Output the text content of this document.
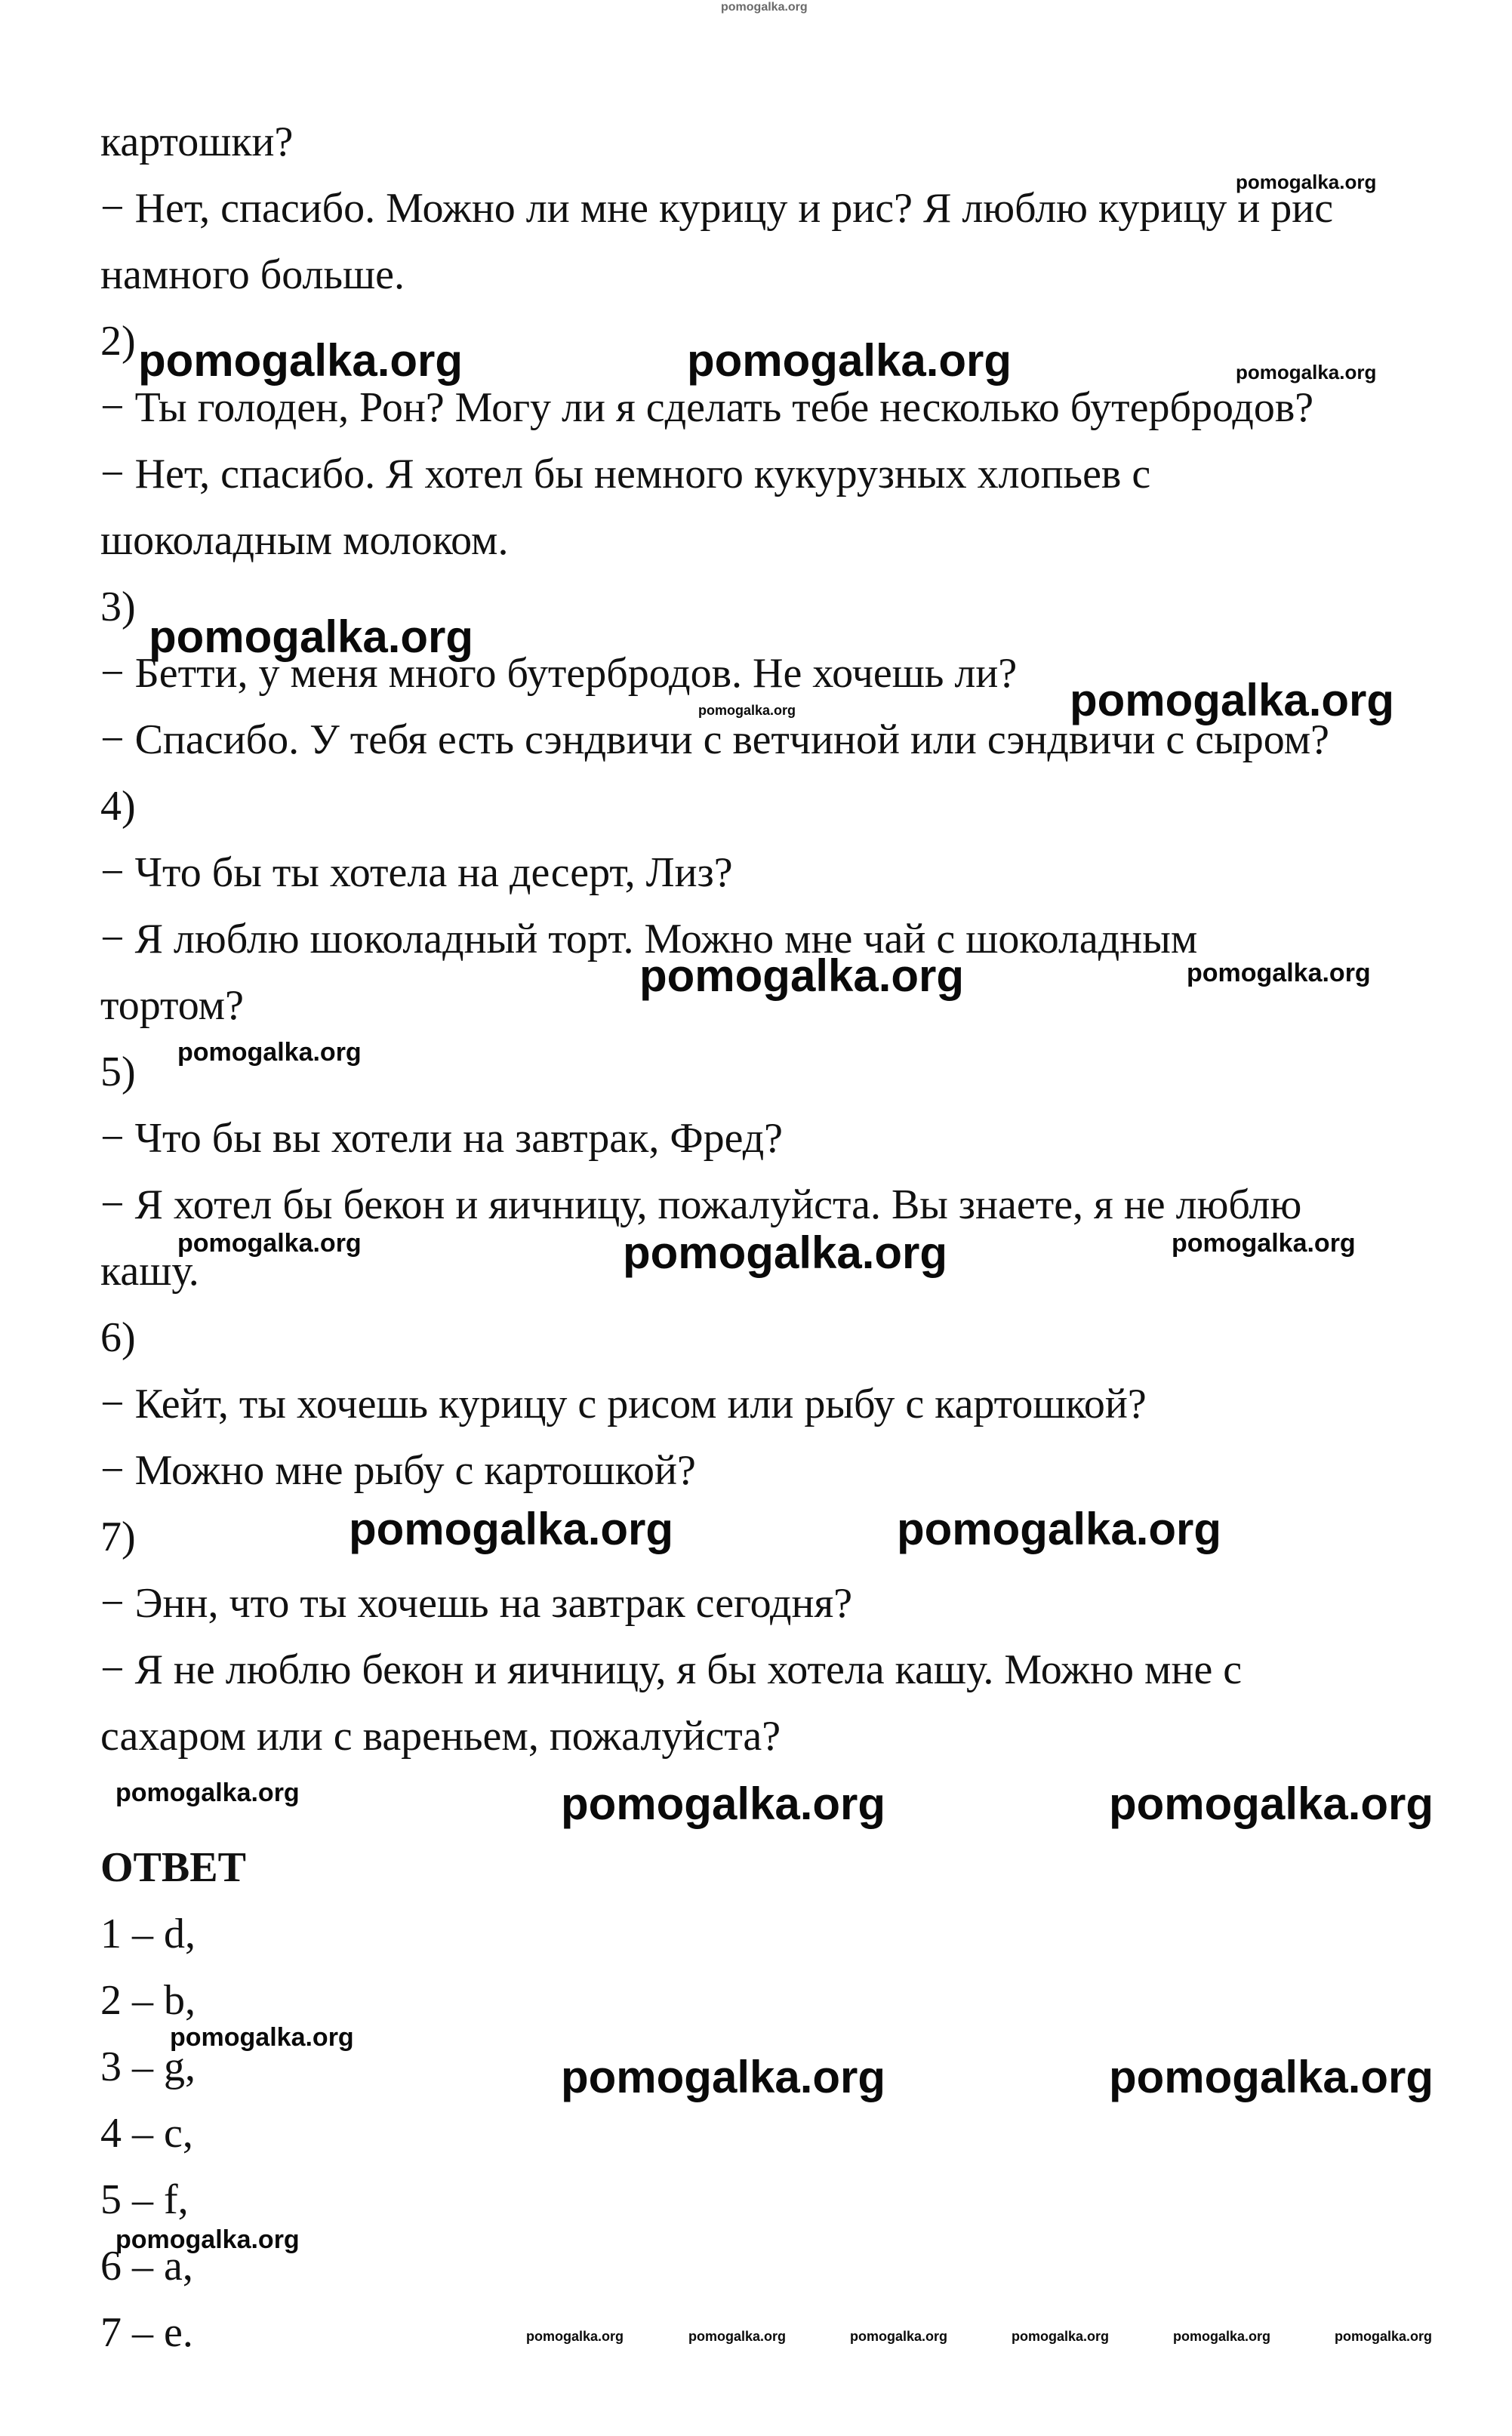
картошки?
− Нет, спасибо. Можно ли мне курицу и рис? Я люблю курицу и рис
намного больше.
2)
− Ты голоден, Рон? Могу ли я сделать тебе несколько бутербродов?
− Нет, спасибо. Я хотел бы немного кукурузных хлопьев с
шоколадным молоком.
3)
− Бетти, у меня много бутербродов. Не хочешь ли?
− Спасибо. У тебя есть сэндвичи с ветчиной или сэндвичи с сыром?
4)
− Что бы ты хотела на десерт, Лиз?
− Я люблю шоколадный торт. Можно мне чай с шоколадным
тортом?
5)
− Что бы вы хотели на завтрак, Фред?
− Я хотел бы бекон и яичницу, пожалуйста. Вы знаете, я не люблю
кашу.
6)
− Кейт, ты хочешь курицу с рисом или рыбу с картошкой?
− Можно мне рыбу с картошкой?
7)
− Энн, что ты хочешь на завтрак сегодня?
− Я не люблю бекон и яичницу, я бы хотела кашу. Можно мне с
сахаром или с вареньем, пожалуйста?
ОТВЕТ
1 – d,
2 – b,
3 – g,
4 – c,
5 – f,
6 – a,
7 – e.
pomogalka.org
pomogalka.org
pomogalka.org	pomogalka.org	pomogalka.org
pomogalka.org
pomogalka.org
pomogalka.org
pomogalka.org	pomogalka.org
pomogalka.org
pomogalka.org	pomogalka.org	pomogalka.org
pomogalka.org	pomogalka.org
pomogalka.org	pomogalka.org	pomogalka.org
pomogalka.org
pomogalka.org	pomogalka.org
pomogalka.org
pomogalka.org	pomogalka.org	pomogalka.org	pomogalka.org	pomogalka.org	pomogalka.org
